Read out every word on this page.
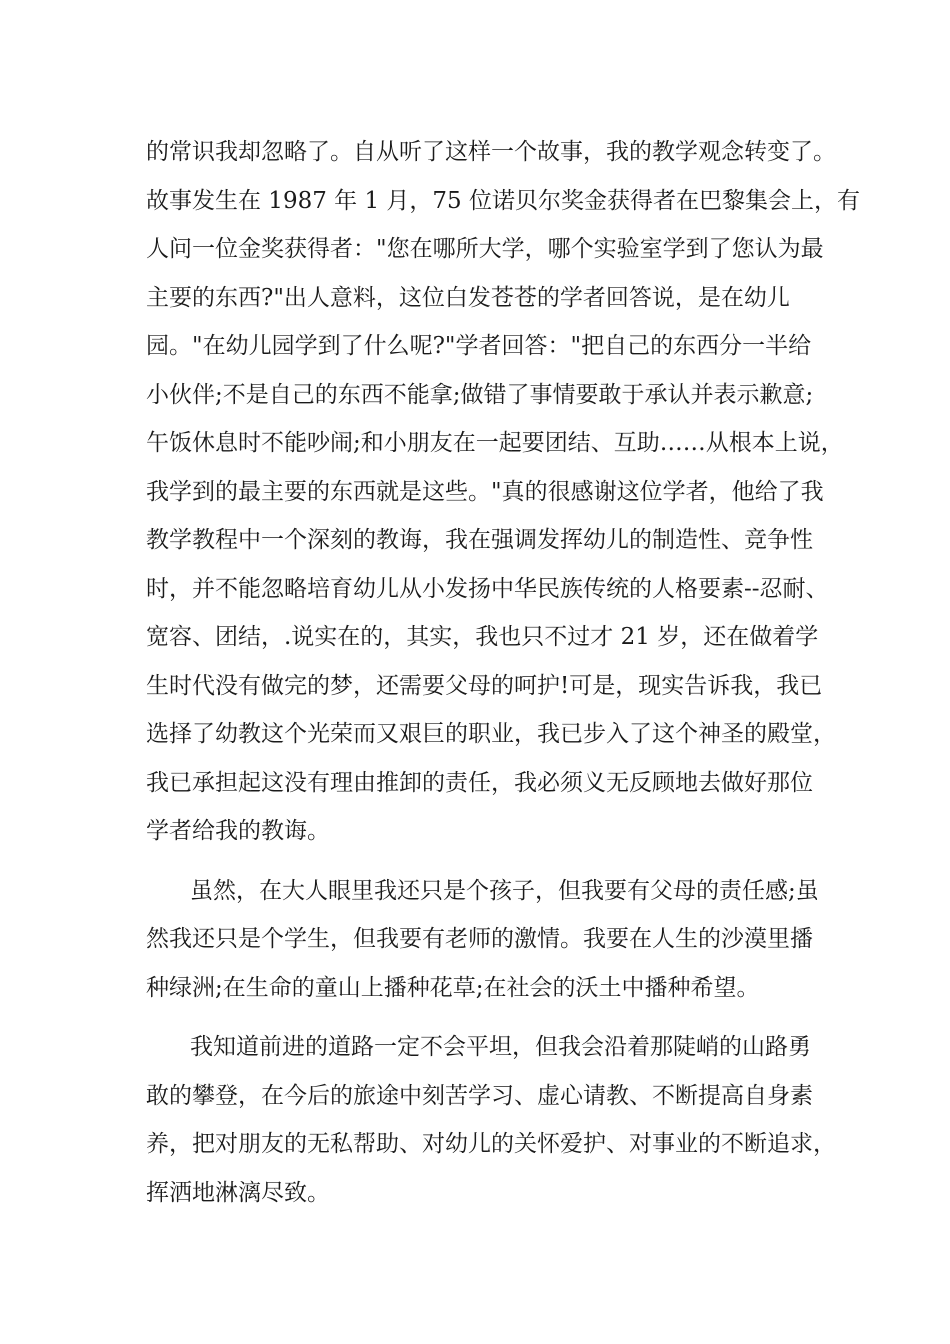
的常识我却忽略了。自从听了这样一个故事，我的教学观念转变了。
故事发生在 1987 年 1 月，75 位诺贝尔奖金获得者在巴黎集会上，有
人问一位金奖获得者："您在哪所大学，哪个实验室学到了您认为最
主要的东西?"出人意料，这位白发苍苍的学者回答说，是在幼儿
园。"在幼儿园学到了什么呢?"学者回答："把自己的东西分一半给
小伙伴;不是自己的东西不能拿;做错了事情要敢于承认并表示歉意;
午饭休息时不能吵闹;和小朋友在一起要团结、互助……从根本上说，
我学到的最主要的东西就是这些。"真的很感谢这位学者，他给了我
教学教程中一个深刻的教诲，我在强调发挥幼儿的制造性、竞争性
时，并不能忽略培育幼儿从小发扬中华民族传统的人格要素--忍耐、
宽容、团结，.说实在的，其实，我也只不过才 21 岁，还在做着学
生时代没有做完的梦，还需要父母的呵护!可是，现实告诉我，我已
选择了幼教这个光荣而又艰巨的职业，我已步入了这个神圣的殿堂，
我已承担起这没有理由推卸的责任，我必须义无反顾地去做好那位
学者给我的教诲。
虽然，在大人眼里我还只是个孩子，但我要有父母的责任感;虽
然我还只是个学生，但我要有老师的激情。我要在人生的沙漠里播
种绿洲;在生命的童山上播种花草;在社会的沃土中播种希望。
我知道前进的道路一定不会平坦，但我会沿着那陡峭的山路勇
敢的攀登，在今后的旅途中刻苦学习、虚心请教、不断提高自身素
养，把对朋友的无私帮助、对幼儿的关怀爱护、对事业的不断追求，
挥洒地淋漓尽致。
